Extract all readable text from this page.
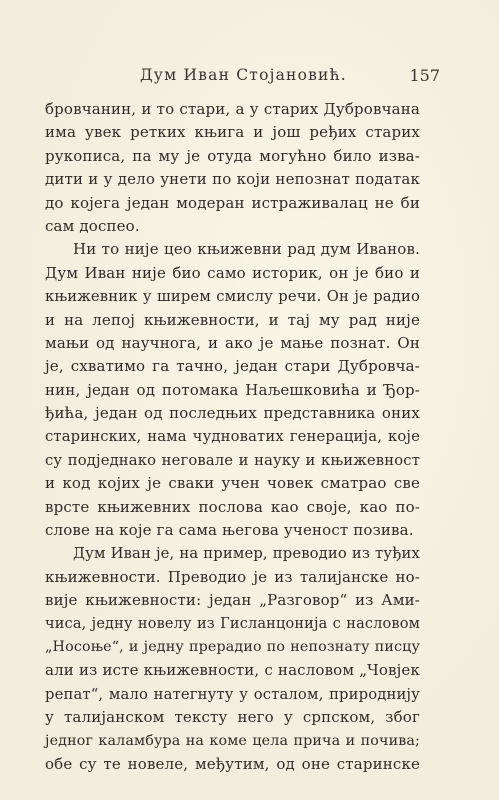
Дум Иван Стојановић.	157
бровчанин, и то стари, а у старих Дубровчана
има увек ретких књига и још ређих старих
рукописа, па му је отуда могућно било изва-
дити и у дело унети по који непознат податак
до којега један модеран истраживалац не би
сам доспео.
Ни то није цео књижевни рад дум Иванов.
Дум Иван није био само историк, он је био и
књижевник у ширем смислу речи. Он је радио
и на лепој књижевности, и тај му рад није
мањи од научнога, и ако је мање познат. Он
је, схватимо га тачно, један стари Дубровча-
нин, један од потомака Наљешковића и Ђор-
ђића, један од последњих представника оних
старинских, нама чудноватих генерација, које
су подједнако неговале и науку и књижевност
и код којих је сваки учен човек сматрао све
врсте књижевних послова као своје, као по-
слове на које га сама његова ученост позива.
Дум Иван је, на пример, преводио из туђих
књижевности. Преводио је из талијанске но-
вије књижевности: један „Разговор“ из Ами-
чиса, једну новелу из Гисланцонија с насловом
„Носоње“, и једну прерадио по непознату писцу
али из исте књижевности, с насловом „Човјек
репат“, мало натегнуту у осталом, природнију
у талијанском тексту него у српском, због
једног каламбура на коме цела прича и почива;
обе су те новеле, међутим, од оне старинске
